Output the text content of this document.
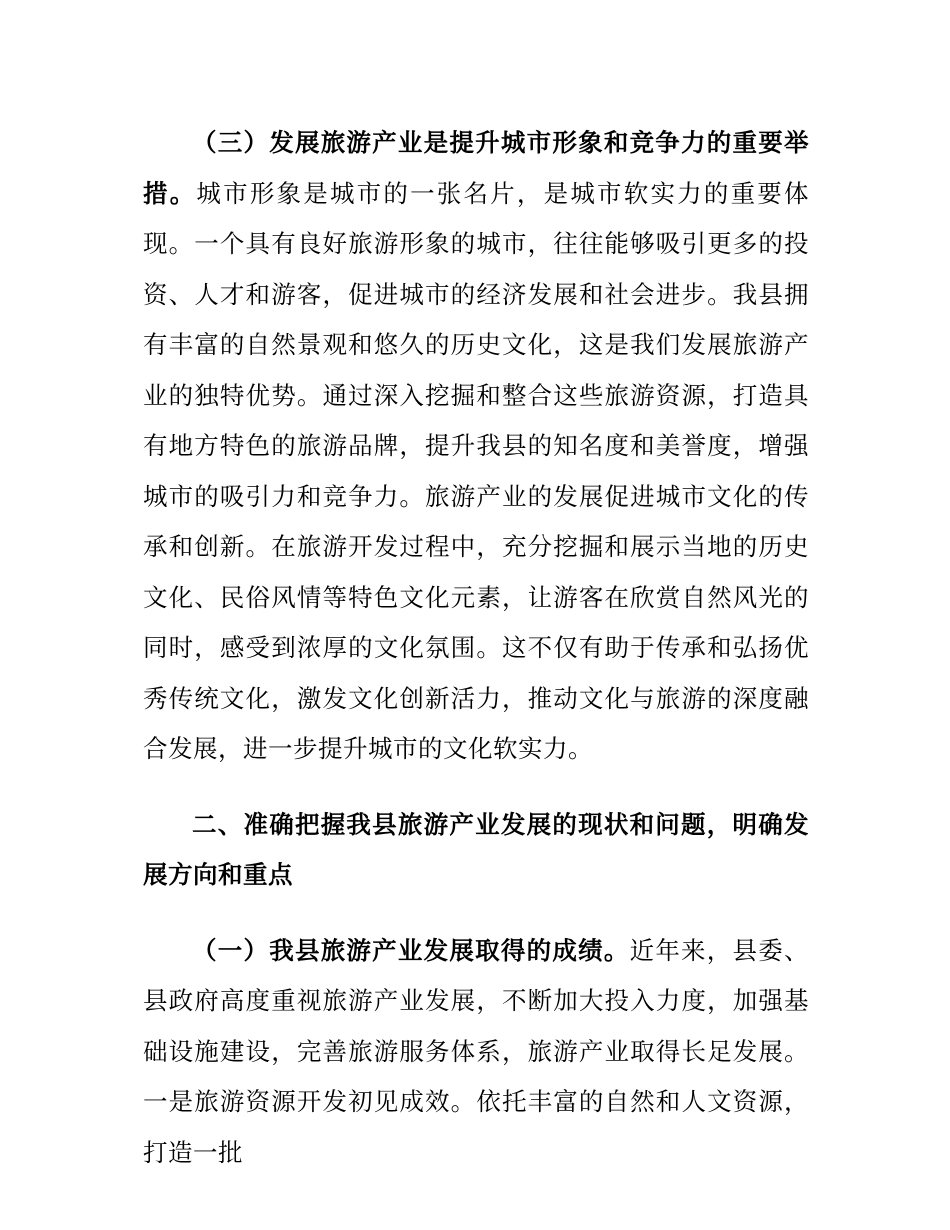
（三）发展旅游产业是提升城市形象和竞争力的重要举措。城市形象是城市的一张名片，是城市软实力的重要体现。一个具有良好旅游形象的城市，往往能够吸引更多的投资、人才和游客，促进城市的经济发展和社会进步。我县拥有丰富的自然景观和悠久的历史文化，这是我们发展旅游产业的独特优势。通过深入挖掘和整合这些旅游资源，打造具有地方特色的旅游品牌，提升我县的知名度和美誉度，增强城市的吸引力和竞争力。旅游产业的发展促进城市文化的传承和创新。在旅游开发过程中，充分挖掘和展示当地的历史文化、民俗风情等特色文化元素，让游客在欣赏自然风光的同时，感受到浓厚的文化氛围。这不仅有助于传承和弘扬优秀传统文化，激发文化创新活力，推动文化与旅游的深度融合发展，进一步提升城市的文化软实力。

二、准确把握我县旅游产业发展的现状和问题，明确发展方向和重点

（一）我县旅游产业发展取得的成绩。近年来，县委、县政府高度重视旅游产业发展，不断加大投入力度，加强基础设施建设，完善旅游服务体系，旅游产业取得长足发展。一是旅游资源开发初见成效。依托丰富的自然和人文资源，打造一批
